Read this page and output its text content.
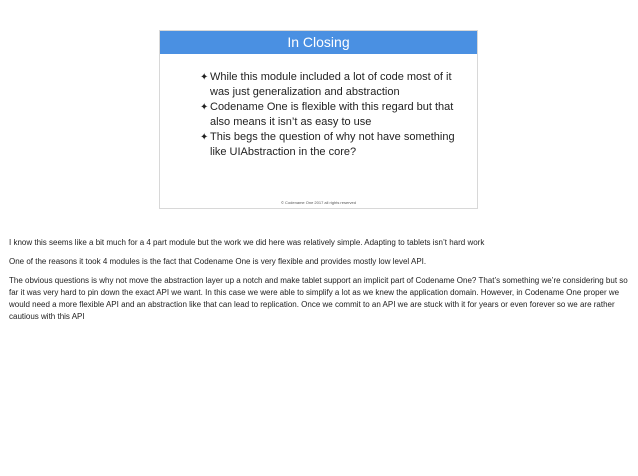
In Closing
✦ While this module included a lot of code most of it was just generalization and abstraction
✦ Codename One is flexible with this regard but that also means it isn’t as easy to use
✦ This begs the question of why not have something like UIAbstraction in the core?
© Codename One 2017 all rights reserved

I know this seems like a bit much for a 4 part module but the work we did here was relatively simple. Adapting to tablets isn’t hard work

One of the reasons it took 4 modules is the fact that Codename One is very flexible and provides mostly low level API.

The obvious questions is why not move the abstraction layer up a notch and make tablet support an implicit part of Codename One? That’s something we’re considering but so far it was very hard to pin down the exact API we want. In this case we were able to simplify a lot as we knew the application domain. However, in Codename One proper we would need a more flexible API and an abstraction like that can lead to replication. Once we commit to an API we are stuck with it for years or even forever so we are rather cautious with this API
